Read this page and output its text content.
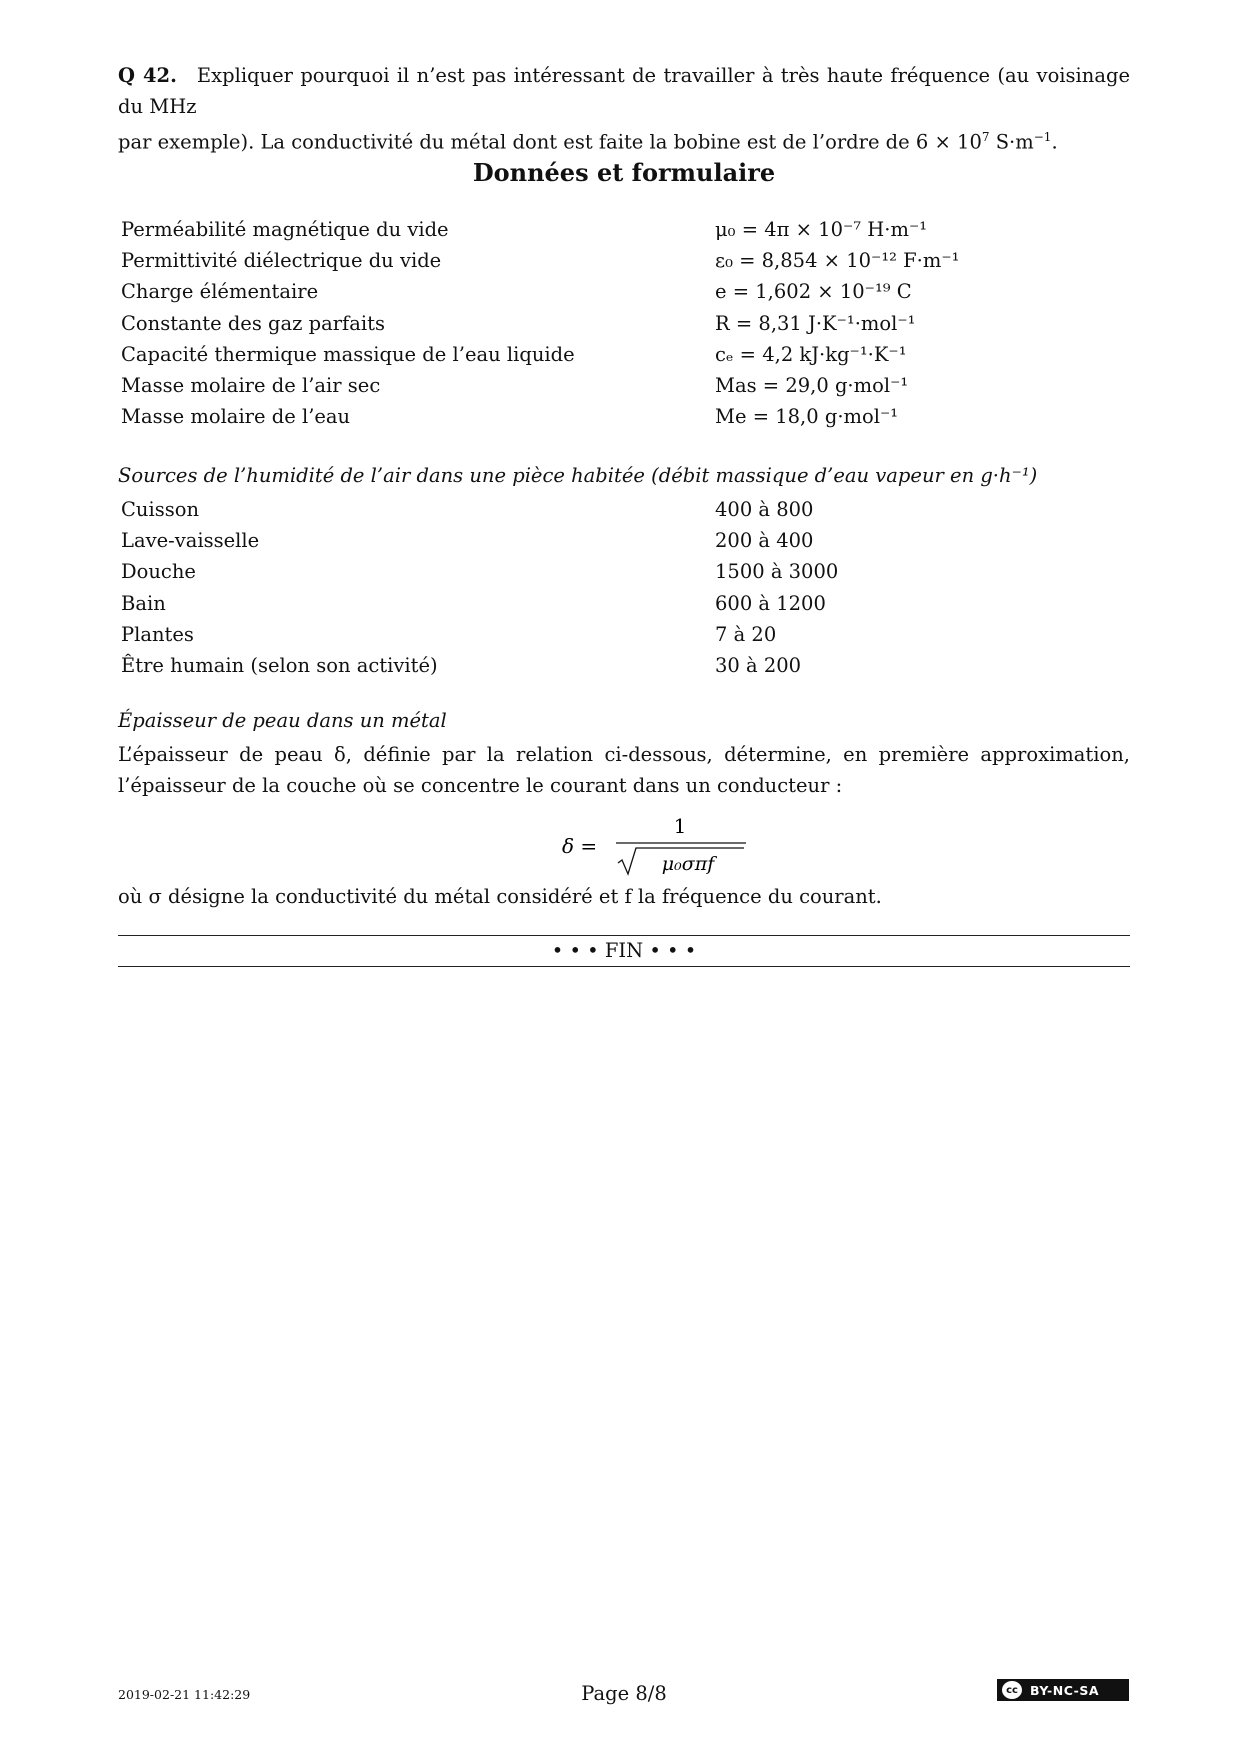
Q 42. Expliquer pourquoi il n’est pas intéressant de travailler à très haute fréquence (au voisinage du MHz
par exemple). La conductivité du métal dont est faite la bobine est de l’ordre de $6 \times 10^7$ $S\cdot m^{-1}$.
Données et formulaire
Perméabilité magnétique du vide	μ₀ = 4π × 10⁻⁷ H·m⁻¹
Permittivité diélectrique du vide	ε₀ = 8,854 × 10⁻¹² F·m⁻¹
Charge élémentaire	e = 1,602 × 10⁻¹⁹ C
Constante des gaz parfaits	R = 8,31 J·K⁻¹·mol⁻¹
Capacité thermique massique de l’eau liquide	cₑ = 4,2 kJ·kg⁻¹·K⁻¹
Masse molaire de l’air sec	Mas = 29,0 g·mol⁻¹
Masse molaire de l’eau	Me = 18,0 g·mol⁻¹
Sources de l’humidité de l’air dans une pièce habitée (débit massique d’eau vapeur en g·h⁻¹)
Cuisson	400 à 800
Lave-vaisselle	200 à 400
Douche	1500 à 3000
Bain	600 à 1200
Plantes	7 à 20
Être humain (selon son activité)	30 à 200
Épaisseur de peau dans un métal
L’épaisseur de peau δ, définie par la relation ci-dessous, détermine, en première approximation, l’épaisseur de la couche où se concentre le courant dans un conducteur :
δ =
1
μ₀σπf
où σ désigne la conductivité du métal considéré et f la fréquence du courant.
• • • FIN • • •
2019-02-21 11:42:29	Page 8/8	cc BY-NC-SA
